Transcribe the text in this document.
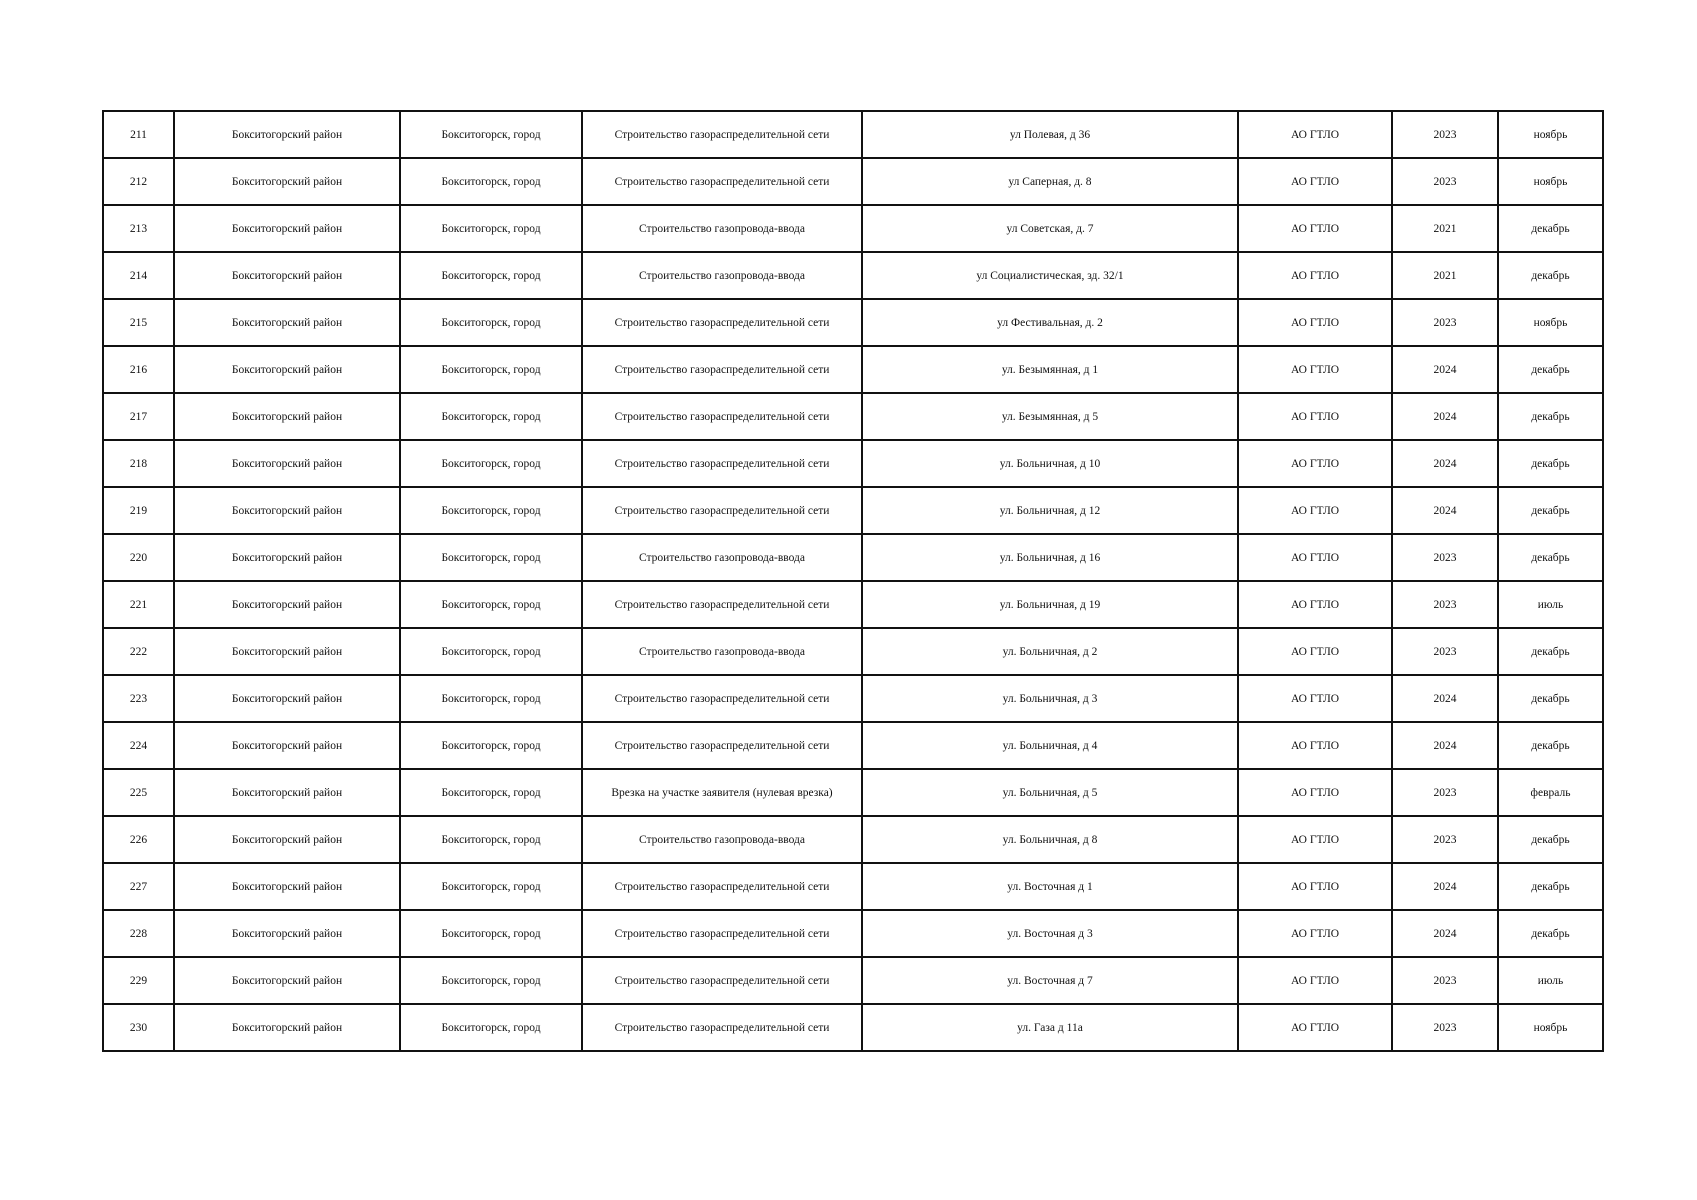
211	Бокситогорский район	Бокситогорск, город	Строительство газораспределительной сети	ул Полевая, д 36	АО ГТЛО	2023	ноябрь
212	Бокситогорский район	Бокситогорск, город	Строительство газораспределительной сети	ул Саперная, д. 8	АО ГТЛО	2023	ноябрь
213	Бокситогорский район	Бокситогорск, город	Строительство газопровода-ввода	ул Советская, д. 7	АО ГТЛО	2021	декабрь
214	Бокситогорский район	Бокситогорск, город	Строительство газопровода-ввода	ул Социалистическая, зд. 32/1	АО ГТЛО	2021	декабрь
215	Бокситогорский район	Бокситогорск, город	Строительство газораспределительной сети	ул Фестивальная, д. 2	АО ГТЛО	2023	ноябрь
216	Бокситогорский район	Бокситогорск, город	Строительство газораспределительной сети	ул. Безымянная, д 1	АО ГТЛО	2024	декабрь
217	Бокситогорский район	Бокситогорск, город	Строительство газораспределительной сети	ул. Безымянная, д 5	АО ГТЛО	2024	декабрь
218	Бокситогорский район	Бокситогорск, город	Строительство газораспределительной сети	ул. Больничная, д 10	АО ГТЛО	2024	декабрь
219	Бокситогорский район	Бокситогорск, город	Строительство газораспределительной сети	ул. Больничная, д 12	АО ГТЛО	2024	декабрь
220	Бокситогорский район	Бокситогорск, город	Строительство газопровода-ввода	ул. Больничная, д 16	АО ГТЛО	2023	декабрь
221	Бокситогорский район	Бокситогорск, город	Строительство газораспределительной сети	ул. Больничная, д 19	АО ГТЛО	2023	июль
222	Бокситогорский район	Бокситогорск, город	Строительство газопровода-ввода	ул. Больничная, д 2	АО ГТЛО	2023	декабрь
223	Бокситогорский район	Бокситогорск, город	Строительство газораспределительной сети	ул. Больничная, д 3	АО ГТЛО	2024	декабрь
224	Бокситогорский район	Бокситогорск, город	Строительство газораспределительной сети	ул. Больничная, д 4	АО ГТЛО	2024	декабрь
225	Бокситогорский район	Бокситогорск, город	Врезка на участке заявителя (нулевая врезка)	ул. Больничная, д 5	АО ГТЛО	2023	февраль
226	Бокситогорский район	Бокситогорск, город	Строительство газопровода-ввода	ул. Больничная, д 8	АО ГТЛО	2023	декабрь
227	Бокситогорский район	Бокситогорск, город	Строительство газораспределительной сети	ул. Восточная д 1	АО ГТЛО	2024	декабрь
228	Бокситогорский район	Бокситогорск, город	Строительство газораспределительной сети	ул. Восточная д 3	АО ГТЛО	2024	декабрь
229	Бокситогорский район	Бокситогорск, город	Строительство газораспределительной сети	ул. Восточная д 7	АО ГТЛО	2023	июль
230	Бокситогорский район	Бокситогорск, город	Строительство газораспределительной сети	ул. Газа д 11а	АО ГТЛО	2023	ноябрь
